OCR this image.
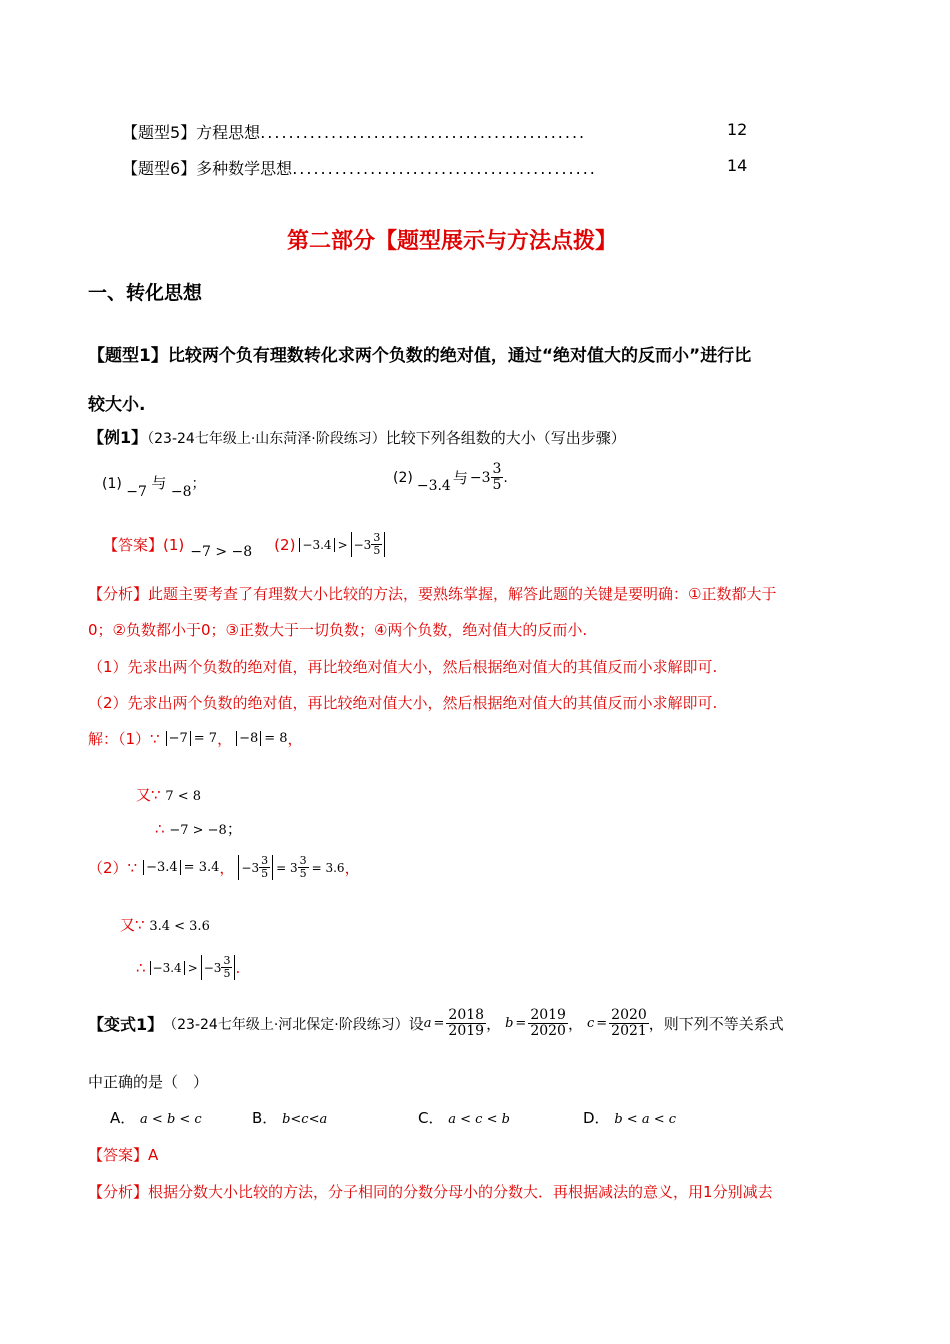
【题型5】方程思想..............................................	12
【题型6】多种数学思想...........................................	14
第二部分【题型展示与方法点拨】
一、转化思想
【题型1】比较两个负有理数转化求两个负数的绝对值，通过“绝对值大的反而小”进行比
较大小.
【例1】（23-24七年级上·山东菏泽·阶段练习）比较下列各组数的大小（写出步骤）
(1) −7 与 −8；	(2) −3.4 与 $-3 \frac{3}{5}$ .
【答案】 (1) −7 > −8 $(2) -3.4 > -3 \frac{3}{5}$
【分析】此题主要考查了有理数大小比较的方法，要熟练掌握，解答此题的关键是要明确：①正数都大于
0；②负数都小于0；③正数大于一切负数；④两个负数，绝对值大的反而小.
（1）先求出两个负数的绝对值，再比较绝对值大小，然后根据绝对值大的其值反而小求解即可.
（2）先求出两个负数的绝对值，再比较绝对值大小，然后根据绝对值大的其值反而小求解即可.
解：（1）∵ −7 = 7 ， −8 = 8 ，
又∵ 7 < 8
∴ −7 > −8；
（2）∵ −3.4 = 3.4 ， $-3 \frac{3}{5} = 3 \frac{3}{5} = 3.6$ ，
又∵ 3.4 < 3.6
∴ $-3.4 > -3 \frac{3}{5}$ .
【变式1】 （23-24七年级上·河北保定·阶段练习） 设 $a = \frac{2018}{2019}$ ， $b = \frac{2019}{2020}$ ， $c = \frac{2020}{2021}$ ，则下列不等关系式
中正确的是（　）
A． a < b < c	B． b<c<a	C． a < c < b	D． b < a < c
【答案】A
【分析】根据分数大小比较的方法，分子相同的分数分母小的分数大．再根据减法的意义，用1分别减去
